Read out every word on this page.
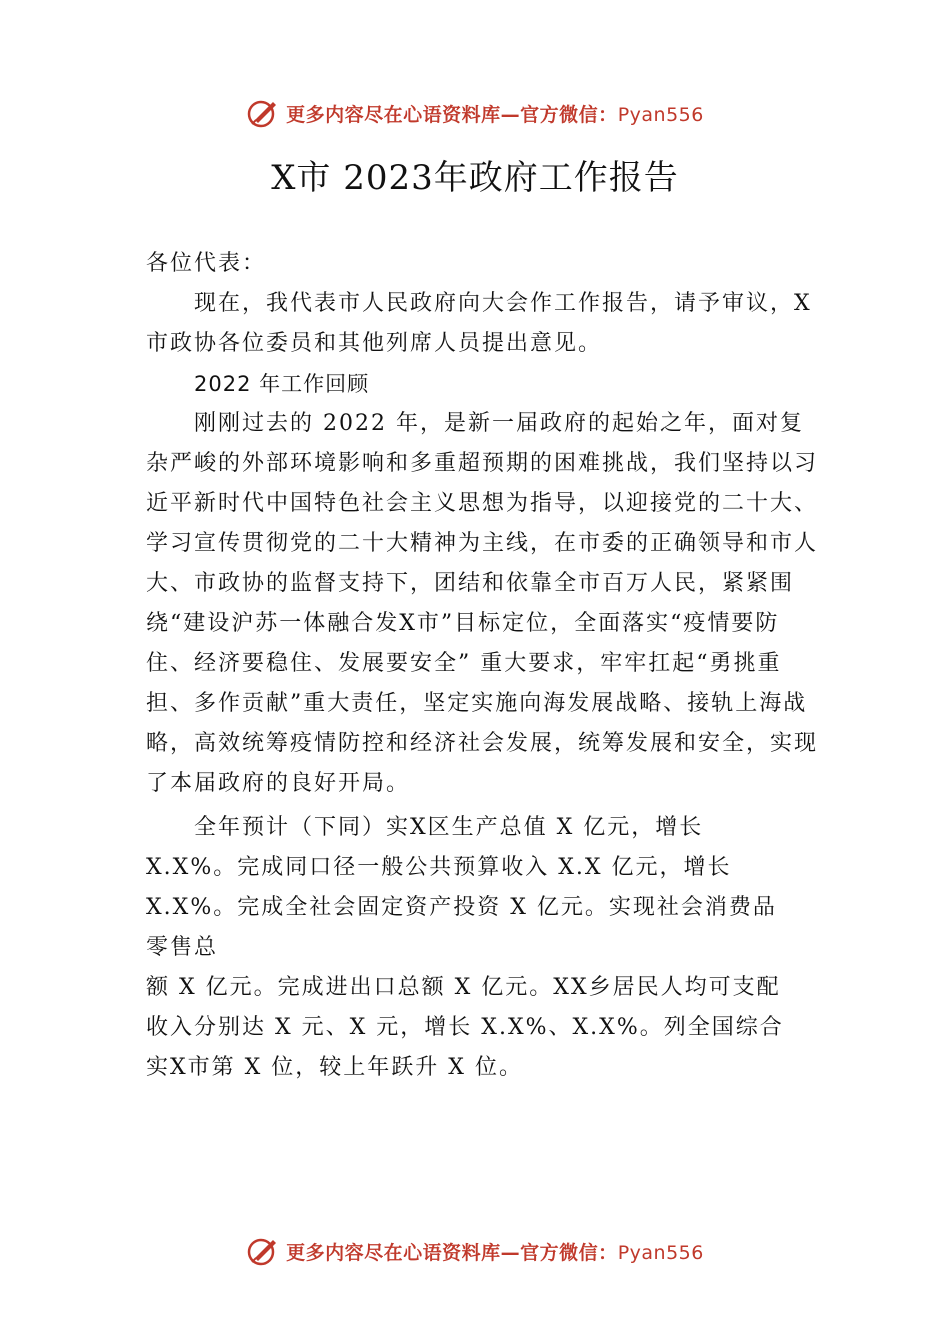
更多内容尽在心语资料库—官方微信：Pyan556
X市 2023年政府工作报告

各位代表：

现在，我代表市人民政府向大会作工作报告，请予审议，X市政协各位委员和其他列席人员提出意见。

2022 年工作回顾

刚刚过去的 2022 年，是新一届政府的起始之年，面对复杂严峻的外部环境影响和多重超预期的困难挑战，我们坚持以习近平新时代中国特色社会主义思想为指导，以迎接党的二十大、学习宣传贯彻党的二十大精神为主线，在市委的正确领导和市人大、市政协的监督支持下，团结和依靠全市百万人民，紧紧围绕“建设沪苏一体融合发X市”目标定位，全面落实“疫情要防住、经济要稳住、发展要安全” 重大要求，牢牢扛起“勇挑重担、多作贡献”重大责任，坚定实施向海发展战略、接轨上海战略，高效统筹疫情防控和经济社会发展，统筹发展和安全，实现了本届政府的良好开局。

全年预计（下同）实X区生产总值 X 亿元，增长

X.X%。完成同口径一般公共预算收入 X.X 亿元，增长

X.X%。完成全社会固定资产投资 X 亿元。实现社会消费品

零售总

额 X 亿元。完成进出口总额 X 亿元。XX乡居民人均可支配

收入分别达 X 元、X 元，增长 X.X%、X.X%。列全国综合

实X市第 X 位，较上年跃升 X 位。

更多内容尽在心语资料库—官方微信：Pyan556
